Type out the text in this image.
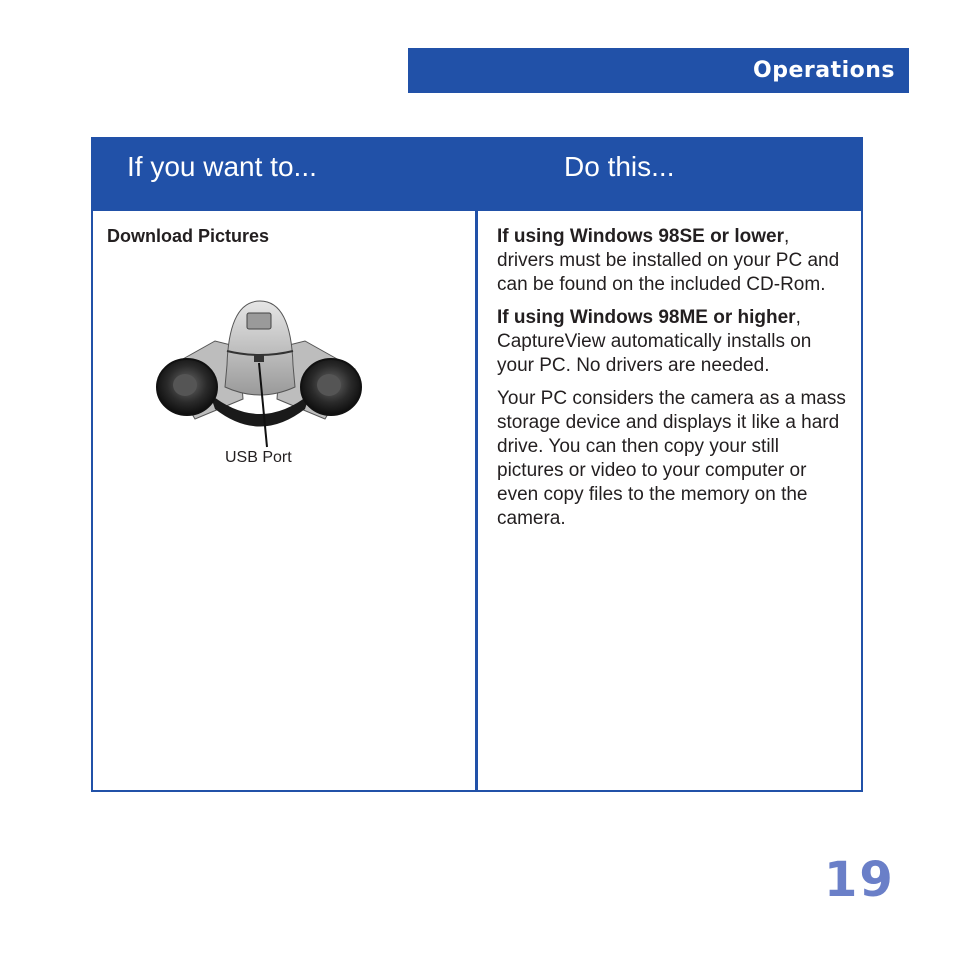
Operations
If you want to...	Do this...
Download Pictures
USB Port

If using Windows 98SE or lower, drivers must be installed on your PC and can be found on the included CD-Rom.

If using Windows 98ME or higher, CaptureView automatically installs on your PC. No drivers are needed.

Your PC considers the camera as a mass storage device and displays it like a hard drive. You can then copy your still pictures or video to your computer or even copy files to the memory on the camera.

19
